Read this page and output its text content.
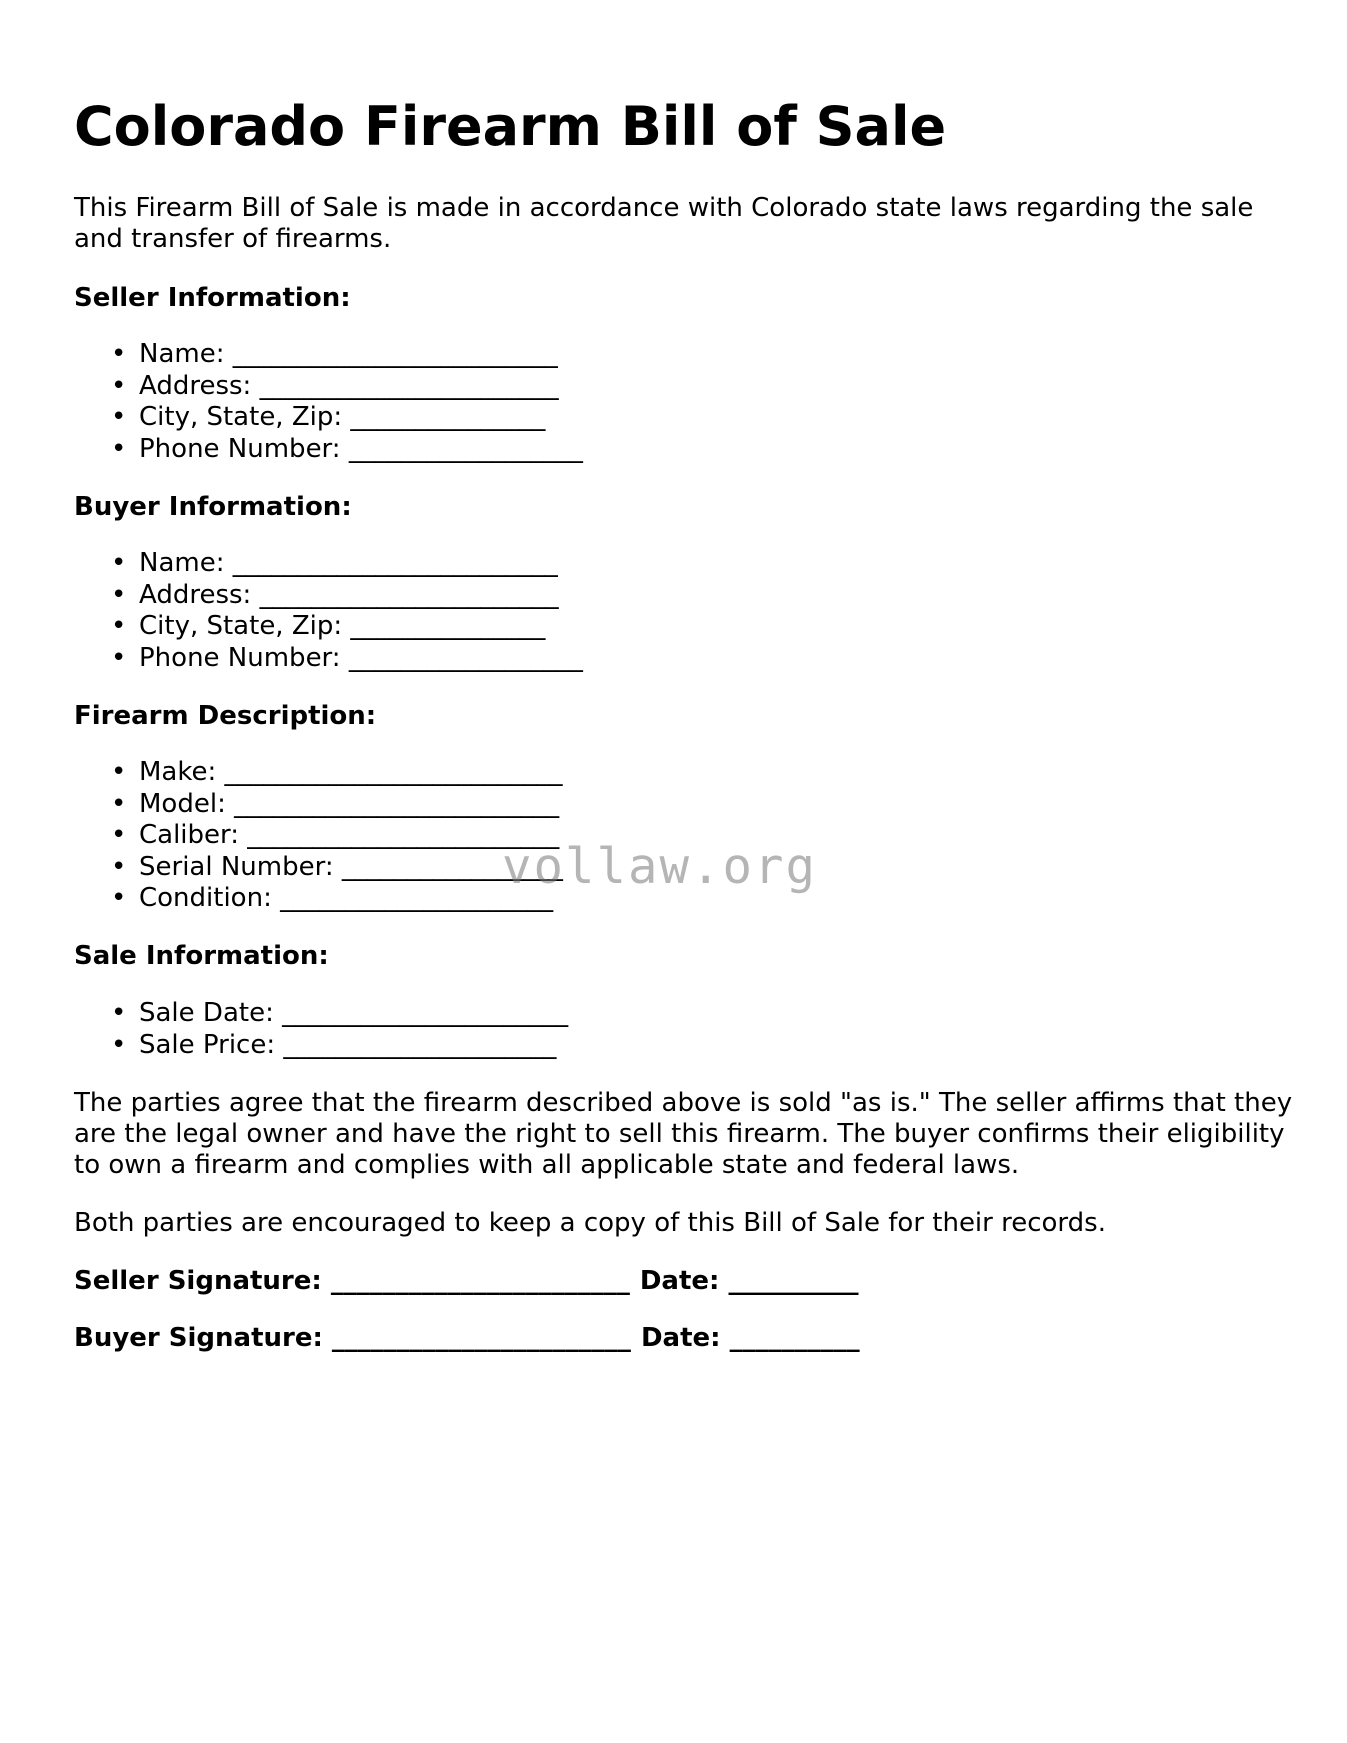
Colorado Firearm Bill of Sale

This Firearm Bill of Sale is made in accordance with Colorado state laws regarding the sale and transfer of firearms.

Seller Information:
• Name: _________________________
• Address: _______________________
• City, State, Zip: _______________
• Phone Number: __________________
Buyer Information:
• Name: _________________________
• Address: _______________________
• City, State, Zip: _______________
• Phone Number: __________________
Firearm Description:
• Make: __________________________
• Model: _________________________
• Caliber: ________________________
• Serial Number: _________________
• Condition: _____________________
Sale Information:
• Sale Date: ______________________
• Sale Price: _____________________

The parties agree that the firearm described above is sold "as is." The seller affirms that they are the legal owner and have the right to sell this firearm. The buyer confirms their eligibility to own a firearm and complies with all applicable state and federal laws.

Both parties are encouraged to keep a copy of this Bill of Sale for their records.

Seller Signature: _______________________ Date: __________
Buyer Signature: _______________________ Date: __________
vollaw.org
